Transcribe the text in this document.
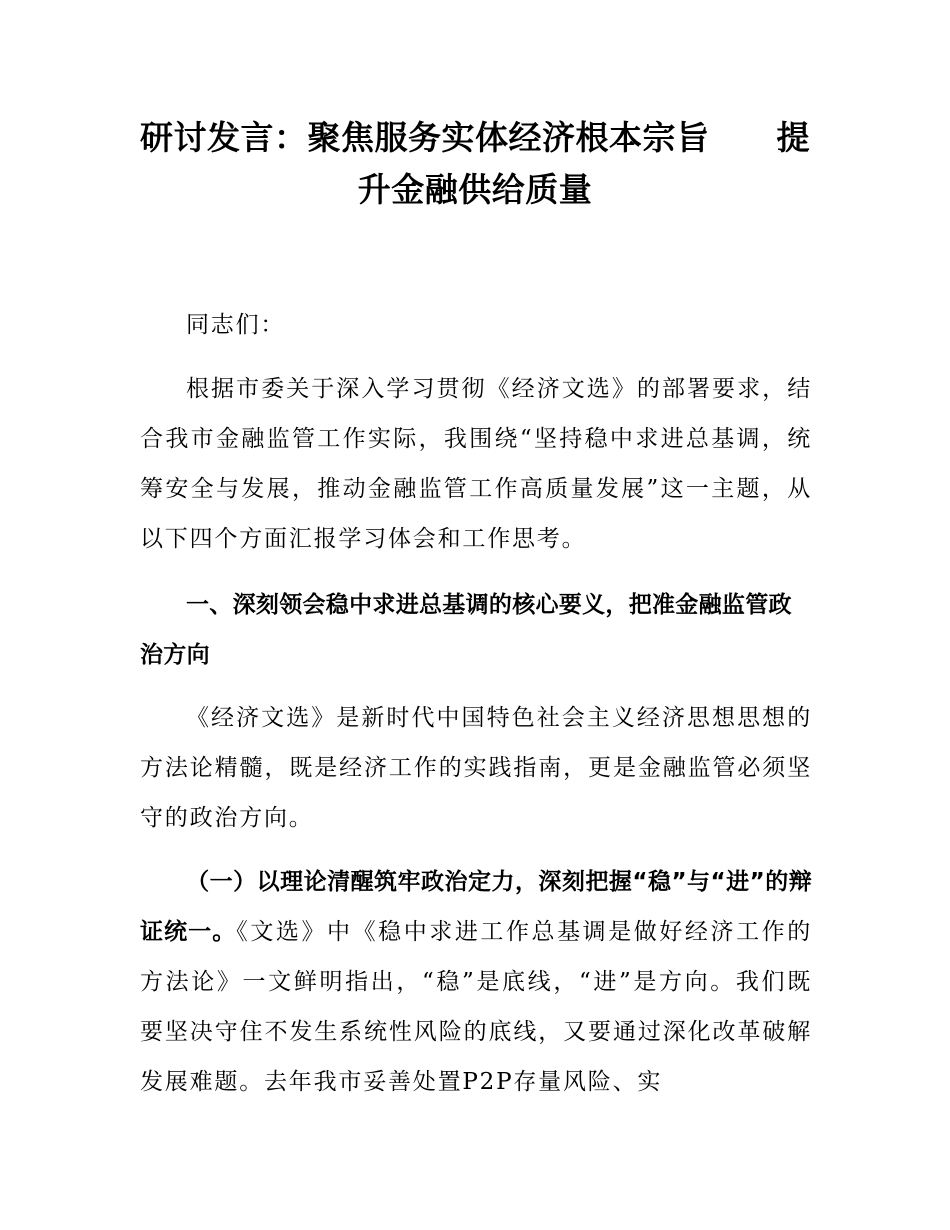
研讨发言：聚焦服务实体经济根本宗旨 提
升金融供给质量

同志们：

根据市委关于深入学习贯彻《经济文选》的部署要求，结合我市金融监管工作实际，我围绕“坚持稳中求进总基调，统筹安全与发展，推动金融监管工作高质量发展”这一主题，从以下四个方面汇报学习体会和工作思考。

一、深刻领会稳中求进总基调的核心要义，把准金融监管政治方向

《经济文选》是新时代中国特色社会主义经济思想思想的方法论精髓，既是经济工作的实践指南，更是金融监管必须坚守的政治方向。

（一）以理论清醒筑牢政治定力，深刻把握“稳”与“进”的辩证统一。《文选》中《稳中求进工作总基调是做好经济工作的方法论》一文鲜明指出，“稳”是底线，“进”是方向。我们既要坚决守住不发生系统性风险的底线，又要通过深化改革破解发展难题。去年我市妥善处置P2P存量风险、实
